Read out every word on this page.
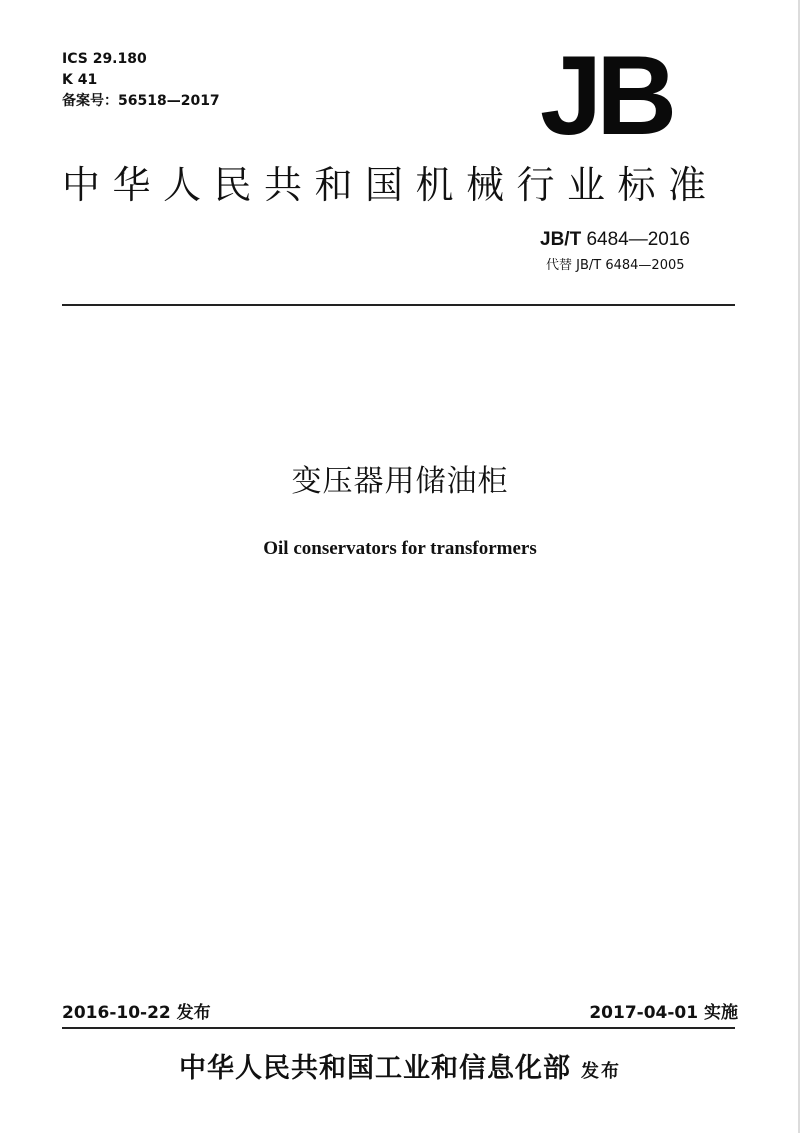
ICS 29.180
K 41
备案号：56518—2017	JB
中华人民共和国机械行业标准
JB/T 6484—2016
代替 JB/T 6484—2005
变压器用储油柜
Oil conservators for transformers
2016-10-22 发布	2017-04-01 实施
中华人民共和国工业和信息化部 发布
